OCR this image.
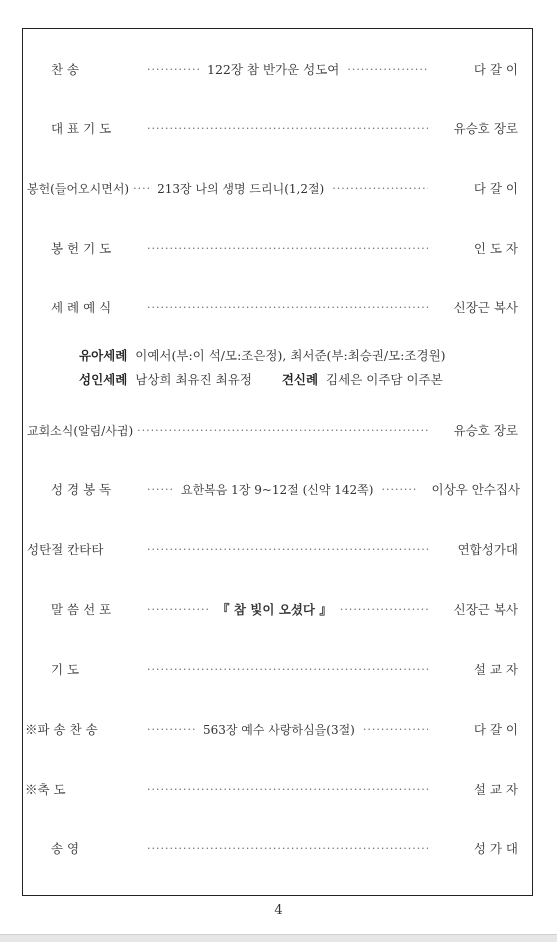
찬 송 ·····	122장 참 반가운 성도여 ·····	다 갈 이
대 표 기 도 ·····	유승호 장로
봉헌(들어오시면서) ·····	213장 나의 생명 드리니(1,2절) ·····	다 갈 이
봉 헌 기 도 ·····	인 도 자
세 례 예 식 ·····	신장근 복사
유아세례 이예서(부:이 석/모:조은정), 최서준(부:최승권/모:조경원)
성인세례 남상희 최유진 최유정 견신례 김세은 이주담 이주본
교회소식(알림/사귐) ·····	유승호 장로
성 경 봉 독 ·····	요한복음 1장 9~12절 (신약 142쪽) ·····	이상우 안수집사
성탄절 칸타타 ·····	연합성가대
말 씀 선 포 ·····	『 참 빛이 오셨다 』 ·····	신장근 복사
기 도 ·····	설 교 자
※파 송 찬 송 ·····	563장 예수 사랑하심을(3절) ·····	다 갈 이
※축 도 ·····	설 교 자
송 영 ·····	성 가 대
4
